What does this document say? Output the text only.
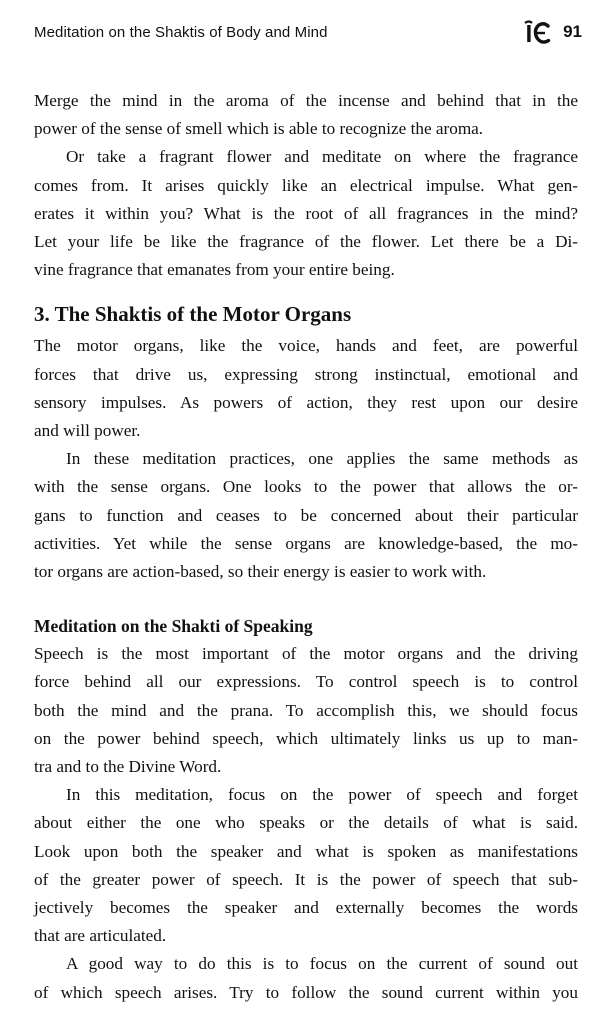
Meditation on the Shaktis of Body and Mind	91

Merge the mind in the aroma of the incense and behind that in the
power of the sense of smell which is able to recognize the aroma.

Or take a fragrant flower and meditate on where the fragrance
comes from. It arises quickly like an electrical impulse. What gen-
erates it within you? What is the root of all fragrances in the mind?
Let your life be like the fragrance of the flower. Let there be a Di-
vine fragrance that emanates from your entire being.

3. The Shaktis of the Motor Organs

The motor organs, like the voice, hands and feet, are powerful
forces that drive us, expressing strong instinctual, emotional and
sensory impulses. As powers of action, they rest upon our desire
and will power.

In these meditation practices, one applies the same methods as
with the sense organs. One looks to the power that allows the or-
gans to function and ceases to be concerned about their particular
activities. Yet while the sense organs are knowledge-based, the mo-
tor organs are action-based, so their energy is easier to work with.

Meditation on the Shakti of Speaking

Speech is the most important of the motor organs and the driving
force behind all our expressions. To control speech is to control
both the mind and the prana. To accomplish this, we should focus
on the power behind speech, which ultimately links us up to man-
tra and to the Divine Word.

In this meditation, focus on the power of speech and forget
about either the one who speaks or the details of what is said.
Look upon both the speaker and what is spoken as manifestations
of the greater power of speech. It is the power of speech that sub-
jectively becomes the speaker and externally becomes the words
that are articulated.

A good way to do this is to focus on the current of sound out
of which speech arises. Try to follow the sound current within you
